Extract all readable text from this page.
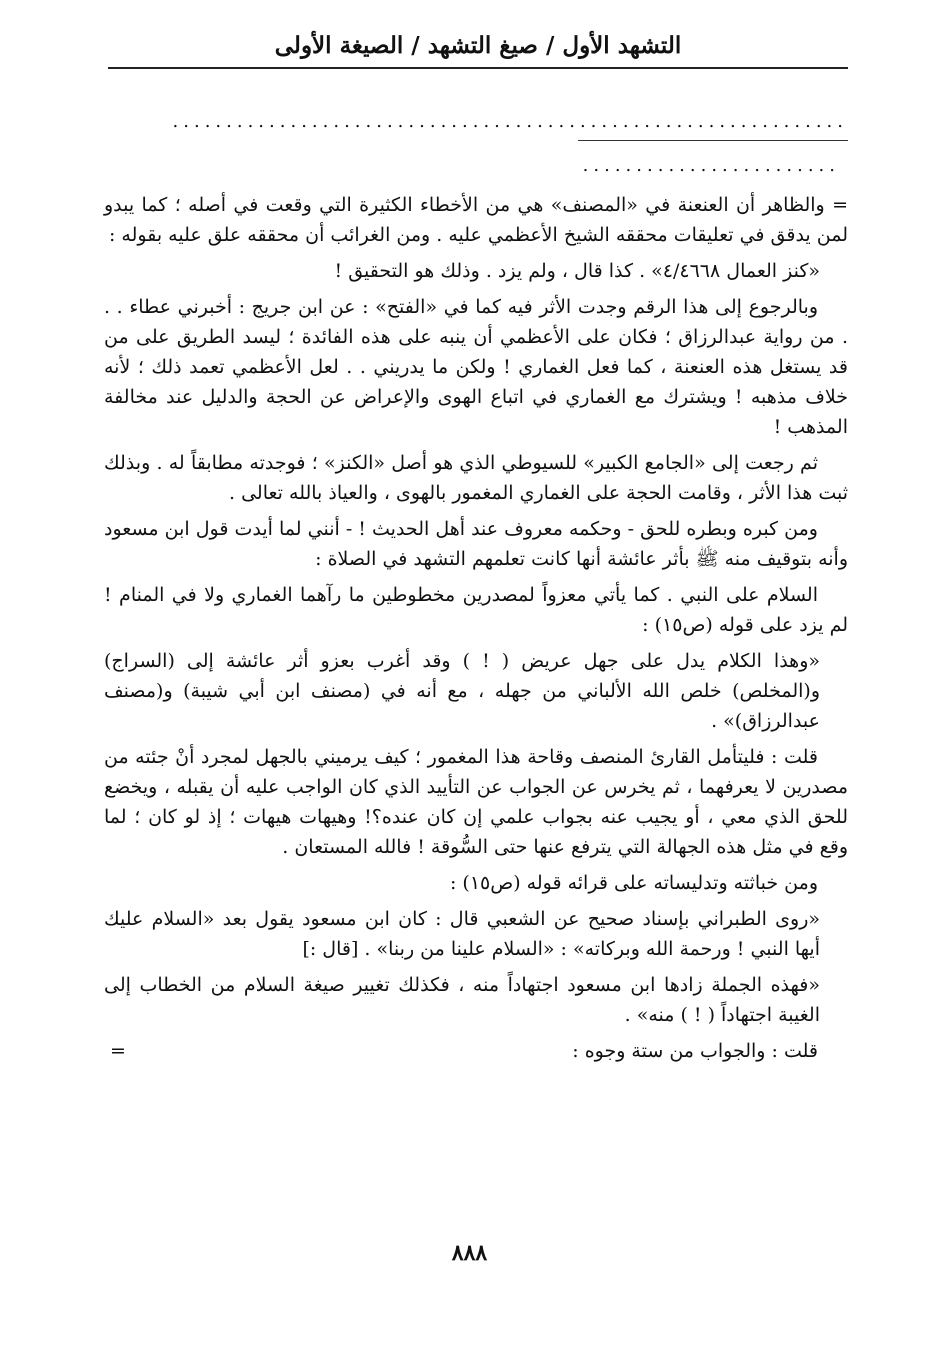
التشهد الأول / صيغ التشهد / الصيغة الأولى
...............................................................
........................

= والظاهر أن العنعنة في «المصنف» هي من الأخطاء الكثيرة التي وقعت في أصله ؛ كما يبدو لمن يدقق في تعليقات محققه الشيخ الأعظمي عليه . ومن الغرائب أن محققه علق عليه بقوله :

«كنز العمال ٤/٤٦٦٨» . كذا قال ، ولم يزد . وذلك هو التحقيق !

وبالرجوع إلى هذا الرقم وجدت الأثر فيه كما في «الفتح» : عن ابن جريج : أخبرني عطاء . . . من رواية عبدالرزاق ؛ فكان على الأعظمي أن ينبه على هذه الفائدة ؛ ليسد الطريق على من قد يستغل هذه العنعنة ، كما فعل الغماري ! ولكن ما يدريني . . لعل الأعظمي تعمد ذلك ؛ لأنه خلاف مذهبه ! ويشترك مع الغماري في اتباع الهوى والإعراض عن الحجة والدليل عند مخالفة المذهب !

ثم رجعت إلى «الجامع الكبير» للسيوطي الذي هو أصل «الكنز» ؛ فوجدته مطابقاً له . وبذلك ثبت هذا الأثر ، وقامت الحجة على الغماري المغمور بالهوى ، والعياذ بالله تعالى .

ومن كبره وبطره للحق - وحكمه معروف عند أهل الحديث ! - أنني لما أيدت قول ابن مسعود وأنه بتوقيف منه ﷺ بأثر عائشة أنها كانت تعلمهم التشهد في الصلاة :

السلام على النبي . كما يأتي معزواً لمصدرين مخطوطين ما رآهما الغماري ولا في المنام ! لم يزد على قوله (ص١٥) :

«وهذا الكلام يدل على جهل عريض ( ! ) وقد أغرب بعزو أثر عائشة إلى (السراج) و(المخلص) خلص الله الألباني من جهله ، مع أنه في (مصنف ابن أبي شيبة) و(مصنف عبدالرزاق)» .

قلت : فليتأمل القارئ المنصف وقاحة هذا المغمور ؛ كيف يرميني بالجهل لمجرد أنْ جئته من مصدرين لا يعرفهما ، ثم يخرس عن الجواب عن التأييد الذي كان الواجب عليه أن يقبله ، ويخضع للحق الذي معي ، أو يجيب عنه بجواب علمي إن كان عنده؟! وهيهات هيهات ؛ إذ لو كان ؛ لما وقع في مثل هذه الجهالة التي يترفع عنها حتى السُّوقة ! فالله المستعان .

ومن خباثته وتدليساته على قرائه قوله (ص١٥) :

«روى الطبراني بإسناد صحيح عن الشعبي قال : كان ابن مسعود يقول بعد «السلام عليك أيها النبي ! ورحمة الله وبركاته» : «السلام علينا من ربنا» . [قال :]

«فهذه الجملة زادها ابن مسعود اجتهاداً منه ، فكذلك تغيير صيغة السلام من الخطاب إلى الغيبة اجتهاداً ( ! ) منه» .

قلت : والجواب من ستة وجوه :
=

٨٨٨
